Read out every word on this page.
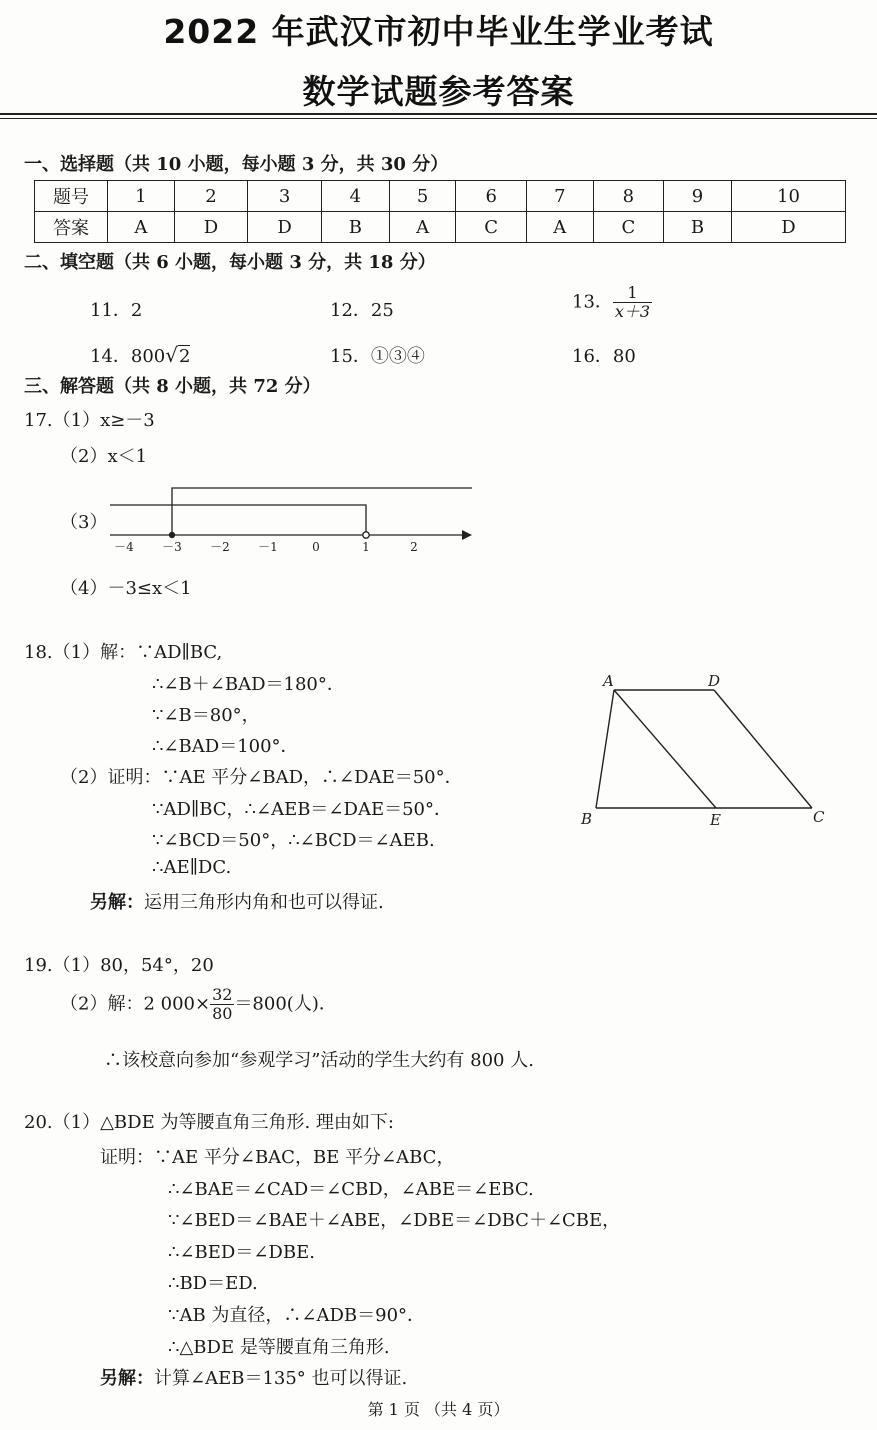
2022 年武汉市初中毕业生学业考试
数学试题参考答案
一、选择题（共 10 小题，每小题 3 分，共 30 分）
题号	1	2	3	4	5	6	7	8	9	10
答案	A	D	D	B	A	C	A	C	B	D
二、填空题（共 6 小题，每小题 3 分，共 18 分）
11．2	12．25	13． $\frac{1}{x+3}$
14．800√2	15．①③④	16．80
三、解答题（共 8 小题，共 72 分）
17.（1）x≥－3
（2）x＜1
（3）
－4 －3 －2 －1	0	1	2
（4）－3≤x＜1
18.（1）解：∵AD∥BC,
∴∠B＋∠BAD＝180°．
∵∠B＝80°，
∴∠BAD＝100°．
（2）证明：∵AE 平分∠BAD，∴∠DAE＝50°．
∵AD∥BC，∴∠AEB＝∠DAE＝50°．
∵∠BCD＝50°，∴∠BCD＝∠AEB.
∴AE∥DC.
另解：运用三角形内角和也可以得证.
A	D
B	E	C
19.（1）80，54°，20
（2）解：2 $000\times \frac{32}{80} =800$(人)．
∴该校意向参加“参观学习”活动的学生大约有 800 人.
20.（1）△BDE 为等腰直角三角形. 理由如下:
证明：∵AE 平分∠BAC，BE 平分∠ABC，
∴∠BAE＝∠CAD＝∠CBD，∠ABE＝∠EBC.
∵∠BED＝∠BAE＋∠ABE，∠DBE＝∠DBC＋∠CBE，
∴∠BED＝∠DBE.
∴BD＝ED.
∵AB 为直径，∴∠ADB＝90°．
∴△BDE 是等腰直角三角形.
另解：计算∠AEB＝135° 也可以得证.
第 1 页 （共 4 页）
